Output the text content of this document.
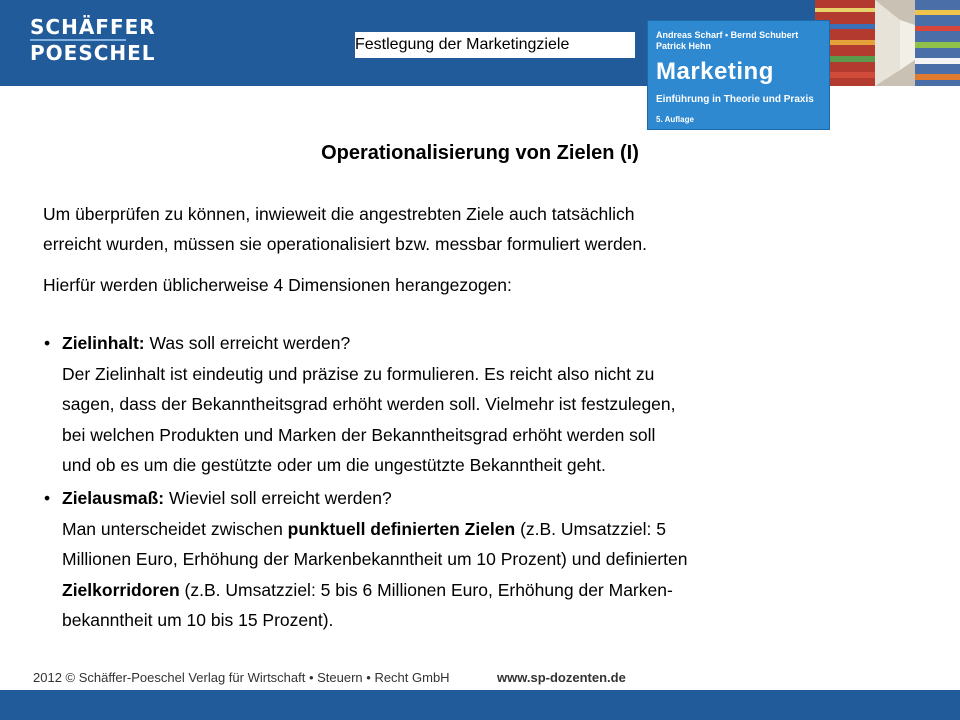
SCHÄFFER
POESCHEL	Festlegung der Marketingziele
Andreas Scharf • Bernd Schubert
Patrick Hehn
Marketing
Einführung in Theorie und Praxis
5. Auflage
Operationalisierung von Zielen (I)
Um überprüfen zu können, inwieweit die angestrebten Ziele auch tatsächlich
erreicht wurden, müssen sie operationalisiert bzw. messbar formuliert werden.
Hierfür werden üblicherweise 4 Dimensionen herangezogen:
• Zielinhalt: Was soll erreicht werden?
Der Zielinhalt ist eindeutig und präzise zu formulieren. Es reicht also nicht zu
sagen, dass der Bekanntheitsgrad erhöht werden soll. Vielmehr ist festzulegen,
bei welchen Produkten und Marken der Bekanntheitsgrad erhöht werden soll
und ob es um die gestützte oder um die ungestützte Bekanntheit geht.
• Zielausmaß: Wieviel soll erreicht werden?
Man unterscheidet zwischen punktuell definierten Zielen (z.B. Umsatzziel: 5
Millionen Euro, Erhöhung der Markenbekanntheit um 10 Prozent) und definierten
Zielkorridoren (z.B. Umsatzziel: 5 bis 6 Millionen Euro, Erhöhung der Marken-
bekanntheit um 10 bis 15 Prozent).
2012 © Schäffer-Poeschel Verlag für Wirtschaft • Steuern • Recht GmbH	www.sp-dozenten.de
